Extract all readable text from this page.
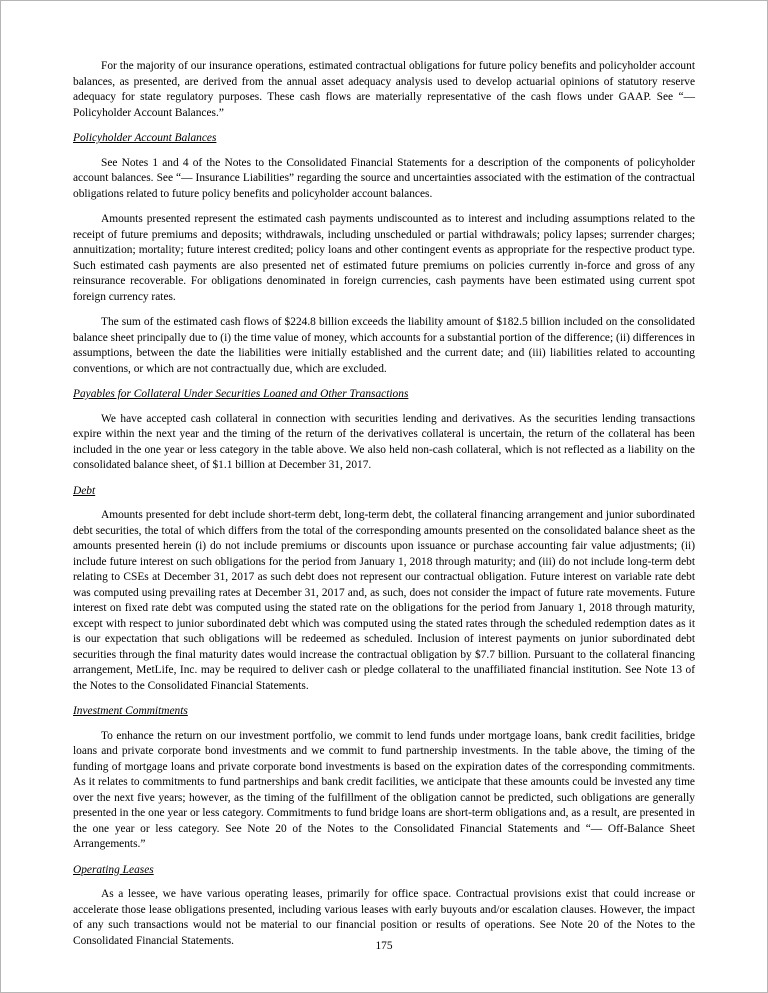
For the majority of our insurance operations, estimated contractual obligations for future policy benefits and policyholder account balances, as presented, are derived from the annual asset adequacy analysis used to develop actuarial opinions of statutory reserve adequacy for state regulatory purposes. These cash flows are materially representative of the cash flows under GAAP. See “— Policyholder Account Balances.”

Policyholder Account Balances

See Notes 1 and 4 of the Notes to the Consolidated Financial Statements for a description of the components of policyholder account balances. See “— Insurance Liabilities” regarding the source and uncertainties associated with the estimation of the contractual obligations related to future policy benefits and policyholder account balances.

Amounts presented represent the estimated cash payments undiscounted as to interest and including assumptions related to the receipt of future premiums and deposits; withdrawals, including unscheduled or partial withdrawals; policy lapses; surrender charges; annuitization; mortality; future interest credited; policy loans and other contingent events as appropriate for the respective product type. Such estimated cash payments are also presented net of estimated future premiums on policies currently in-force and gross of any reinsurance recoverable. For obligations denominated in foreign currencies, cash payments have been estimated using current spot foreign currency rates.

The sum of the estimated cash flows of $224.8 billion exceeds the liability amount of $182.5 billion included on the consolidated balance sheet principally due to (i) the time value of money, which accounts for a substantial portion of the difference; (ii) differences in assumptions, between the date the liabilities were initially established and the current date; and (iii) liabilities related to accounting conventions, or which are not contractually due, which are excluded.

Payables for Collateral Under Securities Loaned and Other Transactions

We have accepted cash collateral in connection with securities lending and derivatives. As the securities lending transactions expire within the next year and the timing of the return of the derivatives collateral is uncertain, the return of the collateral has been included in the one year or less category in the table above. We also held non-cash collateral, which is not reflected as a liability on the consolidated balance sheet, of $1.1 billion at December 31, 2017.

Debt

Amounts presented for debt include short-term debt, long-term debt, the collateral financing arrangement and junior subordinated debt securities, the total of which differs from the total of the corresponding amounts presented on the consolidated balance sheet as the amounts presented herein (i) do not include premiums or discounts upon issuance or purchase accounting fair value adjustments; (ii) include future interest on such obligations for the period from January 1, 2018 through maturity; and (iii) do not include long-term debt relating to CSEs at December 31, 2017 as such debt does not represent our contractual obligation. Future interest on variable rate debt was computed using prevailing rates at December 31, 2017 and, as such, does not consider the impact of future rate movements. Future interest on fixed rate debt was computed using the stated rate on the obligations for the period from January 1, 2018 through maturity, except with respect to junior subordinated debt which was computed using the stated rates through the scheduled redemption dates as it is our expectation that such obligations will be redeemed as scheduled. Inclusion of interest payments on junior subordinated debt securities through the final maturity dates would increase the contractual obligation by $7.7 billion. Pursuant to the collateral financing arrangement, MetLife, Inc. may be required to deliver cash or pledge collateral to the unaffiliated financial institution. See Note 13 of the Notes to the Consolidated Financial Statements.

Investment Commitments

To enhance the return on our investment portfolio, we commit to lend funds under mortgage loans, bank credit facilities, bridge loans and private corporate bond investments and we commit to fund partnership investments. In the table above, the timing of the funding of mortgage loans and private corporate bond investments is based on the expiration dates of the corresponding commitments. As it relates to commitments to fund partnerships and bank credit facilities, we anticipate that these amounts could be invested any time over the next five years; however, as the timing of the fulfillment of the obligation cannot be predicted, such obligations are generally presented in the one year or less category. Commitments to fund bridge loans are short-term obligations and, as a result, are presented in the one year or less category. See Note 20 of the Notes to the Consolidated Financial Statements and “— Off-Balance Sheet Arrangements.”

Operating Leases

As a lessee, we have various operating leases, primarily for office space. Contractual provisions exist that could increase or accelerate those lease obligations presented, including various leases with early buyouts and/or escalation clauses. However, the impact of any such transactions would not be material to our financial position or results of operations. See Note 20 of the Notes to the Consolidated Financial Statements.	175
